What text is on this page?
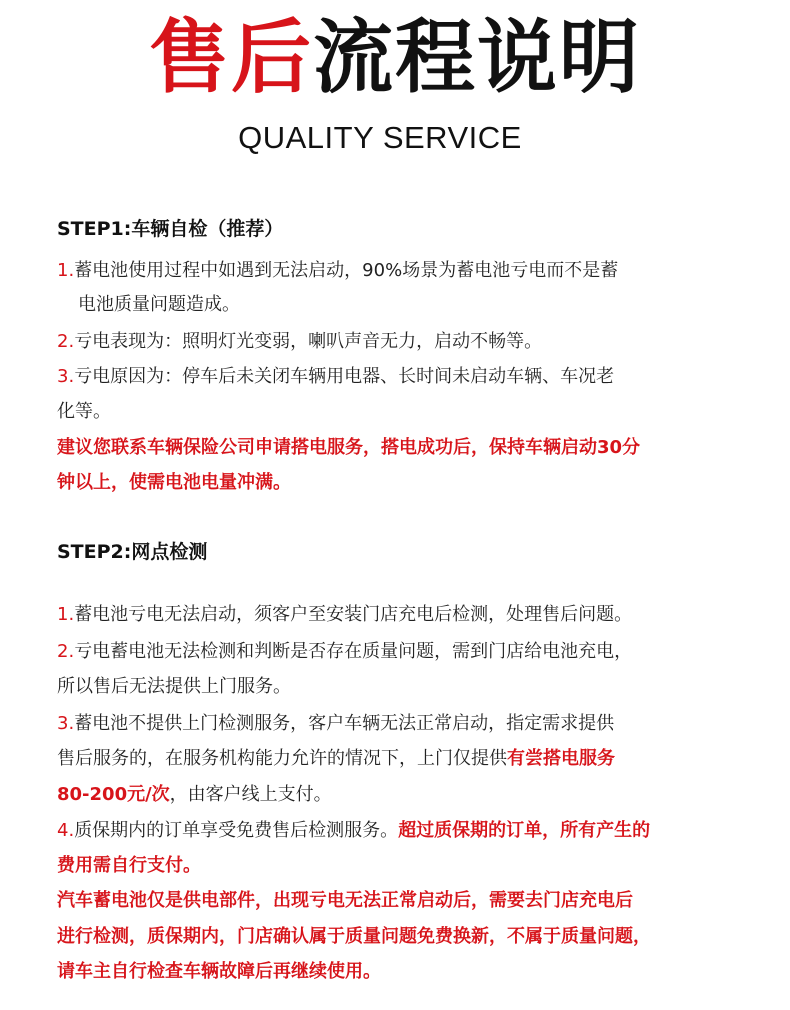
售后流程说明
QUALITY SERVICE
STEP1:车辆自检（推荐）
1.蓄电池使用过程中如遇到无法启动，90%场景为蓄电池亏电而不是蓄
电池质量问题造成。
2.亏电表现为：照明灯光变弱，喇叭声音无力，启动不畅等。
3.亏电原因为：停车后未关闭车辆用电器、长时间未启动车辆、车况老
化等。
建议您联系车辆保险公司申请搭电服务，搭电成功后，保持车辆启动30分
钟以上，使需电池电量冲满。
STEP2:网点检测
1.蓄电池亏电无法启动，须客户至安装门店充电后检测，处理售后问题。
2.亏电蓄电池无法检测和判断是否存在质量问题，需到门店给电池充电，
所以售后无法提供上门服务。
3.蓄电池不提供上门检测服务，客户车辆无法正常启动，指定需求提供
售后服务的，在服务机构能力允许的情况下，上门仅提供有尝搭电服务
80-200元/次，由客户线上支付。
4.质保期内的订单享受免费售后检测服务。超过质保期的订单，所有产生的
费用需自行支付。
汽车蓄电池仅是供电部件，出现亏电无法正常启动后，需要去门店充电后
进行检测，质保期内，门店确认属于质量问题免费换新，不属于质量问题，
请车主自行检查车辆故障后再继续使用。
